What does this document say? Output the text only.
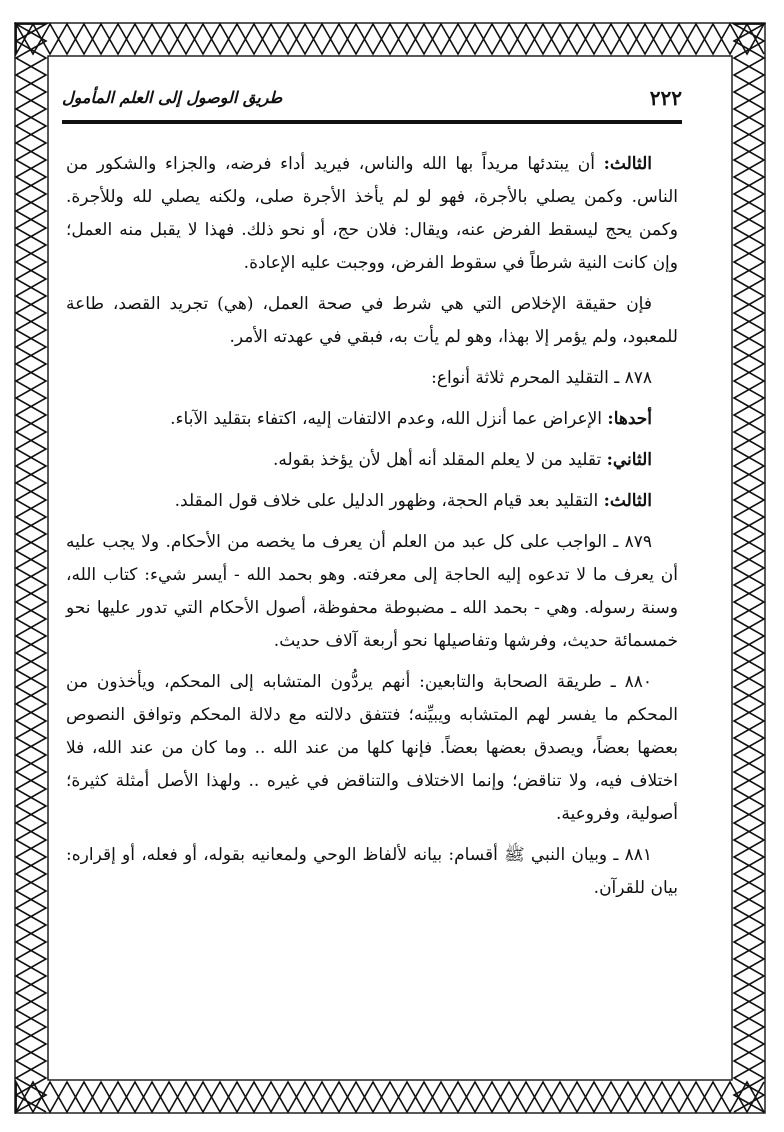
٢٢٢
طريق الوصول إلى العلم المأمول

الثالث: أن يبتدئها مريداً بها الله والناس، فيريد أداء فرضه، والجزاء والشكور من الناس. وكمن يصلي بالأجرة، فهو لو لم يأخذ الأجرة صلى، ولكنه يصلي لله وللأجرة. وكمن يحج ليسقط الفرض عنه، ويقال: فلان حج، أو نحو ذلك. فهذا لا يقبل منه العمل؛ وإن كانت النية شرطاً في سقوط الفرض، ووجبت عليه الإعادة.

فإن حقيقة الإخلاص التي هي شرط في صحة العمل، (هي) تجريد القصد، طاعة للمعبود، ولم يؤمر إلا بهذا، وهو لم يأت به، فبقي في عهدته الأمر.

٨٧٨ ـ التقليد المحرم ثلاثة أنواع:

أحدها: الإعراض عما أنزل الله، وعدم الالتفات إليه، اكتفاء بتقليد الآباء.

الثاني: تقليد من لا يعلم المقلد أنه أهل لأن يؤخذ بقوله.

الثالث: التقليد بعد قيام الحجة، وظهور الدليل على خلاف قول المقلد.

٨٧٩ ـ الواجب على كل عبد من العلم أن يعرف ما يخصه من الأحكام. ولا يجب عليه أن يعرف ما لا تدعوه إليه الحاجة إلى معرفته. وهو بحمد الله - أيسر شيء: كتاب الله، وسنة رسوله. وهي - بحمد الله ـ مضبوطة محفوظة، أصول الأحكام التي تدور عليها نحو خمسمائة حديث، وفرشها وتفاصيلها نحو أربعة آلاف حديث.

٨٨٠ ـ طريقة الصحابة والتابعين: أنهم يردُّون المتشابه إلى المحكم، ويأخذون من المحكم ما يفسر لهم المتشابه ويبيِّنه؛ فتتفق دلالته مع دلالة المحكم وتوافق النصوص بعضها بعضاً، ويصدق بعضها بعضاً. فإنها كلها من عند الله .. وما كان من عند الله، فلا اختلاف فيه، ولا تناقض؛ وإنما الاختلاف والتناقض في غيره .. ولهذا الأصل أمثلة كثيرة؛ أصولية، وفروعية.

٨٨١ ـ وبيان النبي ﷺ أقسام: بيانه لألفاظ الوحي ولمعانيه بقوله، أو فعله، أو إقراره: بيان للقرآن.
